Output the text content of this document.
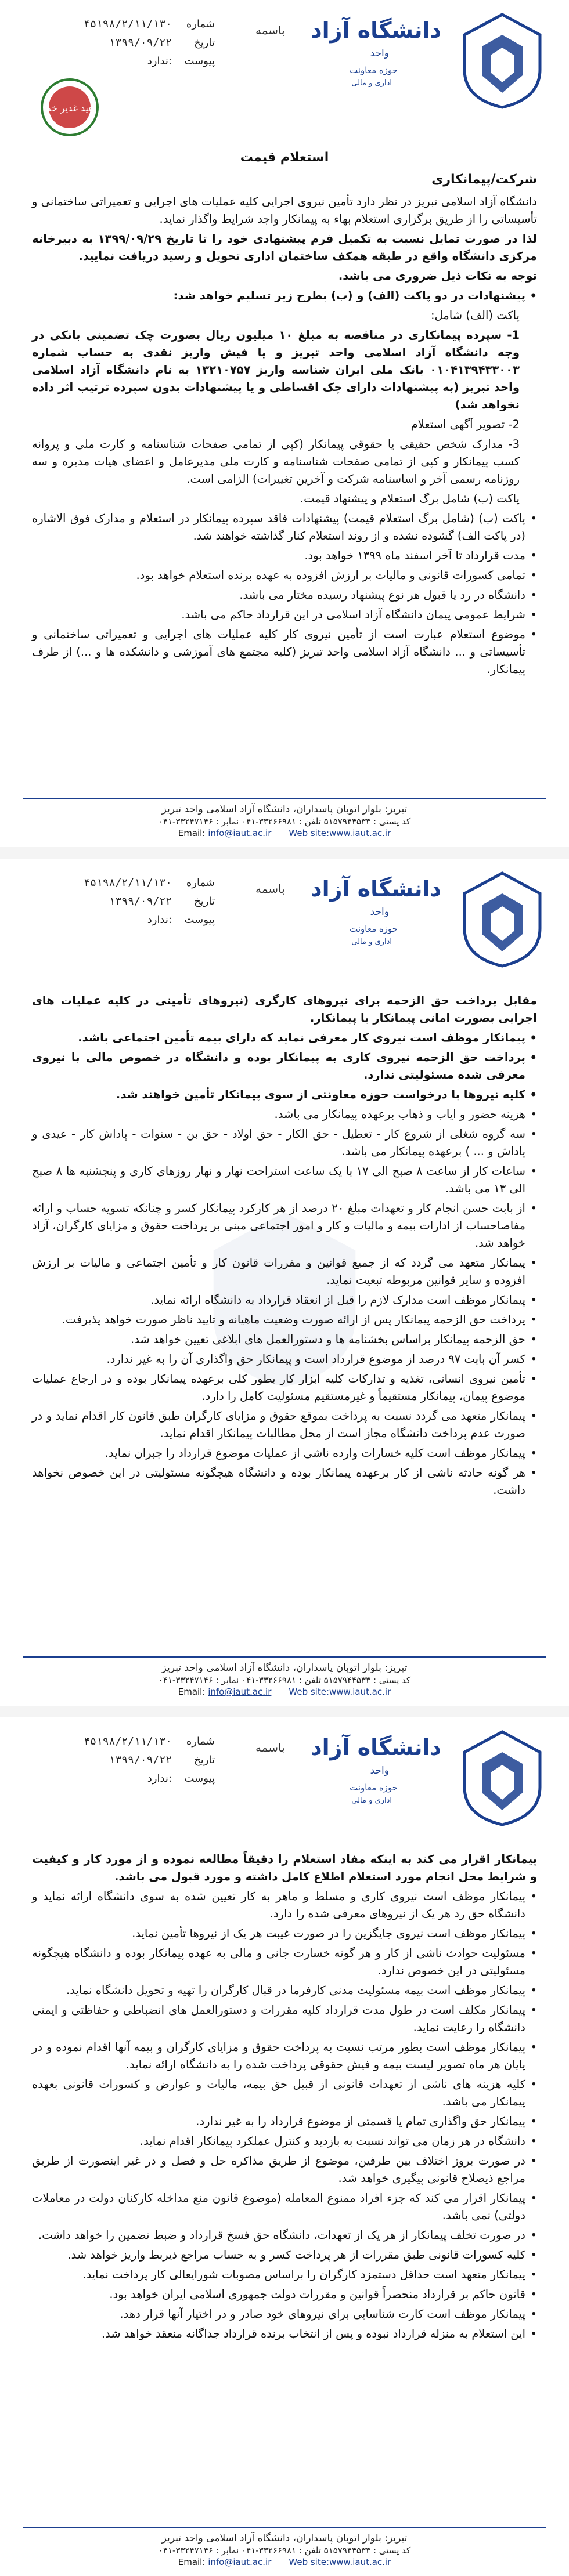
دانشگاه آزاد
واحد
حوزه معاونت
اداری و مالی
باسمه
شماره
۴۵۱۹۸/۲/۱۱/۱۳۰
تاریخ
۱۳۹۹/۰۹/۲۲
پیوست
:ندارد
عید غدیر خم

استعلام قیمت

شرکت/پیمانکاری

دانشگاه آزاد اسلامی تبریز در نظر دارد تأمین نیروی اجرایی کلیه عملیات های اجرایی و تعمیراتی ساختمانی و تأسیساتی را از طریق برگزاری استعلام بهاء به پیمانکار واجد شرایط واگذار نماید.

لذا در صورت تمایل نسبت به تکمیل فرم پیشنهادی خود را تا تاریخ ۱۳۹۹/۰۹/۲۹ به دبیرخانه مرکزی دانشگاه واقع در طبقه همکف ساختمان اداری تحویل و رسید دریافت نمایید.

توجه به نکات ذیل ضروری می باشد.

• پیشنهادات در دو پاکت (الف) و (ب) بطرح زیر تسلیم خواهد شد:

پاکت (الف) شامل:

1- سپرده پیمانکاری در مناقصه به مبلغ ۱۰ میلیون ریال بصورت چک تضمینی بانکی در وجه دانشگاه آزاد اسلامی واحد تبریز و یا فیش واریز نقدی به حساب شماره ۰۱۰۴۱۳۹۴۳۳۰۰۳ بانک ملی ایران شناسه واریز ۱۳۲۱۰۷۵۷ به نام دانشگاه آزاد اسلامی واحد تبریز (به پیشنهادات دارای چک اقساطی و یا پیشنهادات بدون سپرده ترتیب اثر داده نخواهد شد)

2- تصویر آگهی استعلام

3- مدارک شخص حقیقی یا حقوقی پیمانکار (کپی از تمامی صفحات شناسنامه و کارت ملی و پروانه کسب پیمانکار و کپی از تمامی صفحات شناسنامه و کارت ملی مدیرعامل و اعضای هیات مدیره و سه روزنامه رسمی آخر و اساسنامه شرکت و آخرین تغییرات) الزامی است.

پاکت (ب) شامل برگ استعلام و پیشنهاد قیمت.

• پاکت (ب) (شامل برگ استعلام قیمت) پیشنهادات فاقد سپرده پیمانکار در استعلام و مدارک فوق الاشاره (در پاکت الف) گشوده نشده و از روند استعلام کنار گذاشته خواهند شد.

• مدت قرارداد تا آخر اسفند ماه ۱۳۹۹ خواهد بود.

• تمامی کسورات قانونی و مالیات بر ارزش افزوده به عهده برنده استعلام خواهد بود.

• دانشگاه در رد یا قبول هر نوع پیشنهاد رسیده مختار می باشد.

• شرایط عمومی پیمان دانشگاه آزاد اسلامی در این قرارداد حاکم می باشد.

• موضوع استعلام عبارت است از تأمین نیروی کار کلیه عملیات های اجرایی و تعمیراتی ساختمانی و تأسیساتی و ... دانشگاه آزاد اسلامی واحد تبریز (کلیه مجتمع های آموزشی و دانشکده ها و ...) از طرف پیمانکار.

تبریز: بلوار اتوبان پاسداران، دانشگاه آزاد اسلامی واحد تبریز
کد پستی : ۵۱۵۷۹۴۴۵۳۳ تلفن : ۳۳۲۶۶۹۸۱-۰۴۱ نمابر : ۳۳۲۴۷۱۴۶-۰۴۱
Email: info@iaut.ac.ir Web site:www.iaut.ac.ir
دانشگاه آزاد
واحد
حوزه معاونت
اداری و مالی
باسمه
شماره
۴۵۱۹۸/۲/۱۱/۱۳۰
تاریخ
۱۳۹۹/۰۹/۲۲
پیوست
:ندارد

مقابل پرداخت حق الزحمه برای نیروهای کارگری (نیروهای تأمینی در کلیه عملیات های اجرایی بصورت امانی پیمانکار با پیمانکار.

• پیمانکار موظف است نیروی کار معرفی نماید که دارای بیمه تأمین اجتماعی باشد.

• پرداخت حق الزحمه نیروی کاری به پیمانکار بوده و دانشگاه در خصوص مالی با نیروی معرفی شده مسئولیتی ندارد.

• کلیه نیروها با درخواست حوزه معاونتی از سوی پیمانکار تأمین خواهند شد.

• هزینه حضور و ایاب و ذهاب برعهده پیمانکار می باشد.

• سه گروه شغلی از شروع کار - تعطیل - حق الکار - حق اولاد - حق بن - سنوات - پاداش کار - عیدی و پاداش و ... ) برعهده پیمانکار می باشد.

• ساعات کار از ساعت ۸ صبح الی ۱۷ با یک ساعت استراحت نهار و نهار روزهای کاری و پنجشنبه ها ۸ صبح الی ۱۳ می باشد.

• از بابت حسن انجام کار و تعهدات مبلغ ۲۰ درصد از هر کارکرد پیمانکار کسر و چنانکه تسویه حساب و ارائه مفاصاحساب از ادارات بیمه و مالیات و کار و امور اجتماعی مبنی بر پرداخت حقوق و مزایای کارگران، آزاد خواهد شد.

• پیمانکار متعهد می گردد که از جمیع قوانین و مقررات قانون کار و تأمین اجتماعی و مالیات بر ارزش افزوده و سایر قوانین مربوطه تبعیت نماید.

• پیمانکار موظف است مدارک لازم را قبل از انعقاد قرارداد به دانشگاه ارائه نماید.

• پرداخت حق الزحمه پیمانکار پس از ارائه صورت وضعیت ماهیانه و تایید ناظر صورت خواهد پذیرفت.

• حق الزحمه پیمانکار براساس بخشنامه ها و دستورالعمل های ابلاغی تعیین خواهد شد.

• کسر آن بابت ۹۷ درصد از موضوع قرارداد است و پیمانکار حق واگذاری آن را به غیر ندارد.

• تأمین نیروی انسانی، تغذیه و تدارکات کلیه ابزار کار بطور کلی برعهده پیمانکار بوده و در ارجاع عملیات موضوع پیمان، پیمانکار مستقیماً و غیرمستقیم مسئولیت کامل را دارد.

• پیمانکار متعهد می گردد نسبت به پرداخت بموقع حقوق و مزایای کارگران طبق قانون کار اقدام نماید و در صورت عدم پرداخت دانشگاه مجاز است از محل مطالبات پیمانکار اقدام نماید.

• پیمانکار موظف است کلیه خسارات وارده ناشی از عملیات موضوع قرارداد را جبران نماید.

• هر گونه حادثه ناشی از کار برعهده پیمانکار بوده و دانشگاه هیچگونه مسئولیتی در این خصوص نخواهد داشت.

تبریز: بلوار اتوبان پاسداران، دانشگاه آزاد اسلامی واحد تبریز
کد پستی : ۵۱۵۷۹۴۴۵۳۳ تلفن : ۳۳۲۶۶۹۸۱-۰۴۱ نمابر : ۳۳۲۴۷۱۴۶-۰۴۱
Email: info@iaut.ac.ir Web site:www.iaut.ac.ir
دانشگاه آزاد
واحد
حوزه معاونت
اداری و مالی
باسمه
شماره
۴۵۱۹۸/۲/۱۱/۱۳۰
تاریخ
۱۳۹۹/۰۹/۲۲
پیوست
:ندارد

پیمانکار اقرار می کند به اینکه مفاد استعلام را دقیقاً مطالعه نموده و از مورد کار و کیفیت و شرایط محل انجام مورد استعلام اطلاع کامل داشته و مورد قبول می باشد.

• پیمانکار موظف است نیروی کاری و مسلط و ماهر به کار تعیین شده به سوی دانشگاه ارائه نماید و دانشگاه حق رد هر یک از نیروهای معرفی شده را دارد.

• پیمانکار موظف است نیروی جایگزین را در صورت غیبت هر یک از نیروها تأمین نماید.

• مسئولیت حوادث ناشی از کار و هر گونه خسارت جانی و مالی به عهده پیمانکار بوده و دانشگاه هیچگونه مسئولیتی در این خصوص ندارد.

• پیمانکار موظف است بیمه مسئولیت مدنی کارفرما در قبال کارگران را تهیه و تحویل دانشگاه نماید.

• پیمانکار مکلف است در طول مدت قرارداد کلیه مقررات و دستورالعمل های انضباطی و حفاظتی و ایمنی دانشگاه را رعایت نماید.

• پیمانکار موظف است بطور مرتب نسبت به پرداخت حقوق و مزایای کارگران و بیمه آنها اقدام نموده و در پایان هر ماه تصویر لیست بیمه و فیش حقوقی پرداخت شده را به دانشگاه ارائه نماید.

• کلیه هزینه های ناشی از تعهدات قانونی از قبیل حق بیمه، مالیات و عوارض و کسورات قانونی بعهده پیمانکار می باشد.

• پیمانکار حق واگذاری تمام یا قسمتی از موضوع قرارداد را به غیر ندارد.

• دانشگاه در هر زمان می تواند نسبت به بازدید و کنترل عملکرد پیمانکار اقدام نماید.

• در صورت بروز اختلاف بین طرفین، موضوع از طریق مذاکره حل و فصل و در غیر اینصورت از طریق مراجع ذیصلاح قانونی پیگیری خواهد شد.

• پیمانکار اقرار می کند که جزء افراد ممنوع المعامله (موضوع قانون منع مداخله کارکنان دولت در معاملات دولتی) نمی باشد.

• در صورت تخلف پیمانکار از هر یک از تعهدات، دانشگاه حق فسخ قرارداد و ضبط تضمین را خواهد داشت.

• کلیه کسورات قانونی طبق مقررات از هر پرداخت کسر و به حساب مراجع ذیربط واریز خواهد شد.

• پیمانکار متعهد است حداقل دستمزد کارگران را براساس مصوبات شورایعالی کار پرداخت نماید.

• قانون حاکم بر قرارداد منحصراً قوانین و مقررات دولت جمهوری اسلامی ایران خواهد بود.

• پیمانکار موظف است کارت شناسایی برای نیروهای خود صادر و در اختیار آنها قرار دهد.

• این استعلام به منزله قرارداد نبوده و پس از انتخاب برنده قرارداد جداگانه منعقد خواهد شد.

تبریز: بلوار اتوبان پاسداران، دانشگاه آزاد اسلامی واحد تبریز
کد پستی : ۵۱۵۷۹۴۴۵۳۳ تلفن : ۳۳۲۶۶۹۸۱-۰۴۱ نمابر : ۳۳۲۴۷۱۴۶-۰۴۱
Email: info@iaut.ac.ir Web site:www.iaut.ac.ir
